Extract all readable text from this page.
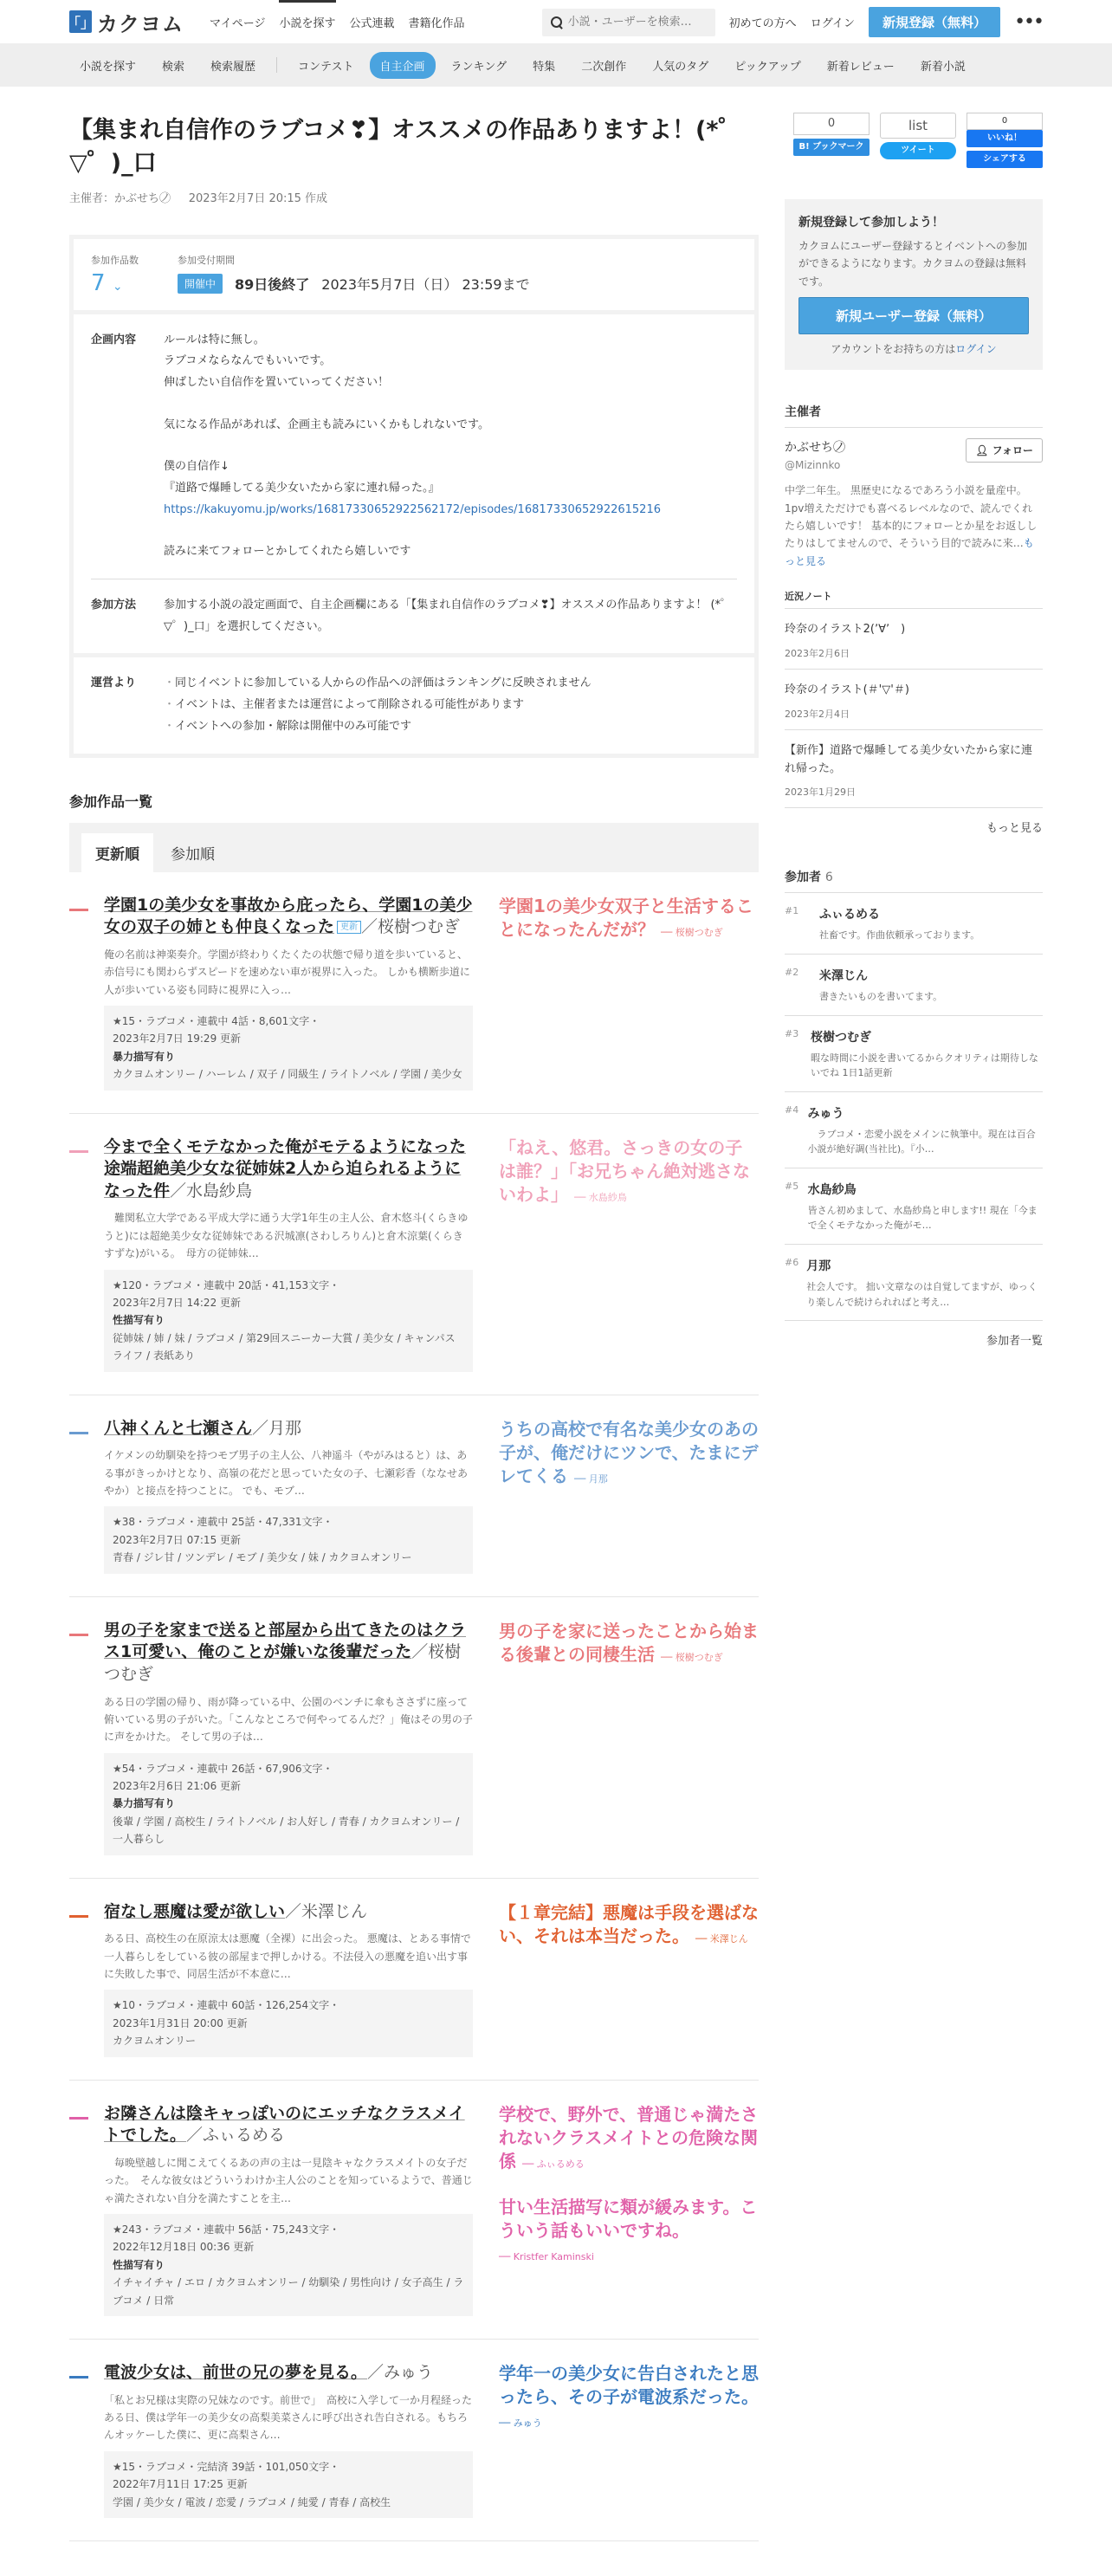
「」 カクヨム マイページ 小説を探す 公式連載 書籍化作品
小説・ユーザーを検索…	初めての方へ ログイン	新規登録（無料）	•••
小説を探す	検索	検索履歴	コンテスト	自主企画	ランキング	特集	二次創作	人気のタグ	ピックアップ	新着レビュー	新着小説
【集まれ自信作のラブコメ❣】オススメの作品ありますよ！(*゜▽゜)_口
主催者：かぶせちノ⃝ 2023年2月7日 20:15 作成
参加作品数
7 ⌄
参加受付期間
開催中	89日後終了 2023年5月7日（日） 23:59まで
企画内容	ルールは特に無し。

ラブコメならなんでもいいです。

伸ばしたい自信作を置いていってください！

気になる作品があれば、企画主も読みにいくかもしれないです。

僕の自信作↓

『道路で爆睡してる美少女いたから家に連れ帰った。』

https://kakuyomu.jp/works/16817330652922562172/episodes/16817330652922615216

読みに来てフォローとかしてくれたら嬉しいです

参加方法	参加する小説の設定画面で、自主企画欄にある「【集まれ自信作のラブコメ❣】オススメの作品ありますよ！ (*゜▽゜)_口」を選択してください。
運営より
・	同じイベントに参加している人からの作品への評価はランキングに反映されません
・ イベントは、主催者または運営によって削除される可能性があります
・ イベントへの参加・解除は開催中のみ可能です
参加作品一覧
更新順	参加順
学園1の美少女を事故から庇ったら、学園1の美少女の双子の姉とも仲良くなった 更新 ／桜樹つむぎ
俺の名前は神楽奏介。学園が終わりくたくたの状態で帰り道を歩いていると、赤信号にも関わらずスピードを速めない車が視界に入った。 しかも横断歩道に人が歩いている姿も同時に視界に入っ…
★15・ラブコメ・連載中 4話・8,601文字・
2023年2月7日 19:29 更新
暴力描写有り
カクヨムオンリー / ハーレム / 双子 / 同級生 / ライトノベル / 学園 / 美少女
学園1の美少女双子と生活することになったんだが？ ── 桜樹つむぎ
今まで全くモテなかった俺がモテるようになった途端超絶美少女な従姉妹2人から迫られるようになった件／水島紗鳥
　難関私立大学である平成大学に通う大学1年生の主人公、倉木悠斗(くらきゆうと)には超絶美少女な従姉妹である沢城凛(さわしろりん)と倉木涼葉(くらきすずな)がいる。　母方の従姉妹…
★120・ラブコメ・連載中 20話・41,153文字・
2023年2月7日 14:22 更新
性描写有り
従姉妹 / 姉 / 妹 / ラブコメ / 第29回スニーカー大賞 / 美少女 / キャンパスライフ / 表紙あり
「ねえ、悠君。さっきの女の子は誰？」「お兄ちゃん絶対逃さないわよ」 ── 水島紗鳥
八神くんと七瀬さん／月那
イケメンの幼馴染を持つモブ男子の主人公、八神遥斗（やがみはると）は、ある事がきっかけとなり、高嶺の花だと思っていた女の子、七瀬彩香（ななせあやか）と接点を持つことに。 でも、モブ…
★38・ラブコメ・連載中 25話・47,331文字・
2023年2月7日 07:15 更新
青春 / ジレ甘 / ツンデレ / モブ / 美少女 / 妹 / カクヨムオンリー
うちの高校で有名な美少女のあの子が、俺だけにツンで、たまにデレてくる ── 月那
男の子を家まで送ると部屋から出てきたのはクラス1可愛い、俺のことが嫌いな後輩だった／桜樹つむぎ
ある日の学園の帰り、雨が降っている中、公園のベンチに傘もささずに座って俯いている男の子がいた。「こんなところで何やってるんだ？」俺はその男の子に声をかけた。 そして男の子は…
★54・ラブコメ・連載中 26話・67,906文字・
2023年2月6日 21:06 更新
暴力描写有り
後輩 / 学園 / 高校生 / ライトノベル / お人好し / 青春 / カクヨムオンリー / 一人暮らし
男の子を家に送ったことから始まる後輩との同棲生活 ── 桜樹つむぎ
宿なし悪魔は愛が欲しい／米澤じん
ある日、高校生の在原涼太は悪魔（全裸）に出会った。 悪魔は、とある事情で一人暮らしをしている彼の部屋まで押しかける。不法侵入の悪魔を追い出す事に失敗した事で、同居生活が不本意に…
★10・ラブコメ・連載中 60話・126,254文字・
2023年1月31日 20:00 更新
カクヨムオンリー
【１章完結】悪魔は手段を選ばない、それは本当だった。 ── 米澤じん
お隣さんは陰キャっぽいのにエッチなクラスメイトでした。／ふぃるめる
　毎晩壁越しに聞こえてくるあの声の主は一見陰キャなクラスメイトの女子だった。　そんな彼女はどういうわけか主人公のことを知っているようで、普通じゃ満たされない自分を満たすことを主…
★243・ラブコメ・連載中 56話・75,243文字・
2022年12月18日 00:36 更新
性描写有り
イチャイチャ / エロ / カクヨムオンリー / 幼馴染 / 男性向け / 女子高生 / ラブコメ / 日常
学校で、野外で、普通じゃ満たされないクラスメイトとの危険な関係 ── ふぃるめる
甘い生活描写に類が緩みます。こういう話もいいですね。
── Kristfer Kaminski
電波少女は、前世の兄の夢を見る。／みゅう
「私とお兄様は実際の兄妹なのです。前世で」　高校に入学して一か月程経ったある日、僕は学年一の美少女の高梨美菜さんに呼び出され告白される。もちろんオッケーした僕に、更に高梨さん…
★15・ラブコメ・完結済 39話・101,050文字・
2022年7月11日 17:25 更新
学園 / 美少女 / 電波 / 恋愛 / ラブコメ / 純愛 / 青春 / 高校生
学年一の美少女に告白されたと思ったら、その子が電波系だった。 ── みゅう
0
B! ブックマーク
list
ツイート
0
いいね！
シェアする
新規登録して参加しよう！

カクヨムにユーザー登録するとイベントへの参加ができるようになります。カクヨムの登録は無料です。

新規ユーザー登録（無料）
アカウントをお持ちの方はログイン
主催者
かぶせちノ⃝
@Mizinnko
👤︎ フォロー
中学二年生。 黒歴史になるであろう小説を量産中。 1pv増えただけでも喜べるレベルなので、読んでくれたら嬉しいです！ 基本的にフォローとか星をお返ししたりはしてませんので、そういう目的で読みに来…もっと見る
近況ノート
玲奈のイラスト2(ʼ∀ʼ　)
2023年2月6日
玲奈のイラスト(＃'▽'＃)
2023年2月4日
【新作】道路で爆睡してる美少女いたから家に連れ帰った。
2023年1月29日
もっと見る
参加者 6
#1	ふぃるめる
社畜です。作曲依頼承っております。
#2	米澤じん
書きたいものを書いてます。
#3 桜樹つむぎ
暇な時間に小説を書いてるからクオリティは期待しないでね 1日1話更新
#4 みゅう
　ラブコメ・恋愛小説をメインに執筆中。現在は百合小説が絶好調(当社比)。『小…
#5 水島紗鳥
皆さん初めまして、水島紗鳥と申します!! 現在「今まで全くモテなかった俺がモ…
#6 月那
社会人です。 拙い文章なのは自覚してますが、ゆっくり楽しんで続けられればと考え…
参加者一覧
